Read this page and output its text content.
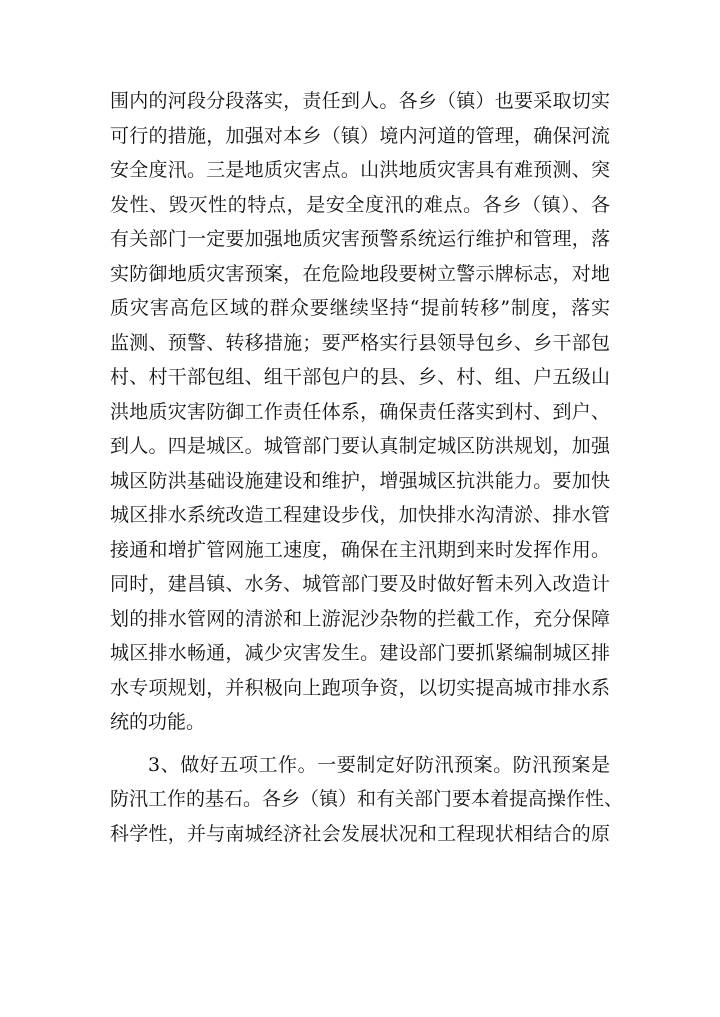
围内的河段分段落实，责任到人。各乡（镇）也要采取切实
可行的措施，加强对本乡（镇）境内河道的管理，确保河流
安全度汛。三是地质灾害点。山洪地质灾害具有难预测、突
发性、毁灭性的特点，是安全度汛的难点。各乡（镇）、各
有关部门一定要加强地质灾害预警系统运行维护和管理，落
实防御地质灾害预案，在危险地段要树立警示牌标志，对地
质灾害高危区域的群众要继续坚持“提前转移”制度，落实
监测、预警、转移措施；要严格实行县领导包乡、乡干部包
村、村干部包组、组干部包户的县、乡、村、组、户五级山
洪地质灾害防御工作责任体系，确保责任落实到村、到户、
到人。四是城区。城管部门要认真制定城区防洪规划，加强
城区防洪基础设施建设和维护，增强城区抗洪能力。要加快
城区排水系统改造工程建设步伐，加快排水沟清淤、排水管
接通和增扩管网施工速度，确保在主汛期到来时发挥作用。
同时，建昌镇、水务、城管部门要及时做好暂未列入改造计
划的排水管网的清淤和上游泥沙杂物的拦截工作，充分保障
城区排水畅通，减少灾害发生。建设部门要抓紧编制城区排
水专项规划，并积极向上跑项争资，以切实提高城市排水系
统的功能。
3、做好五项工作。一要制定好防汛预案。防汛预案是
防汛工作的基石。各乡（镇）和有关部门要本着提高操作性、
科学性，并与南城经济社会发展状况和工程现状相结合的原
